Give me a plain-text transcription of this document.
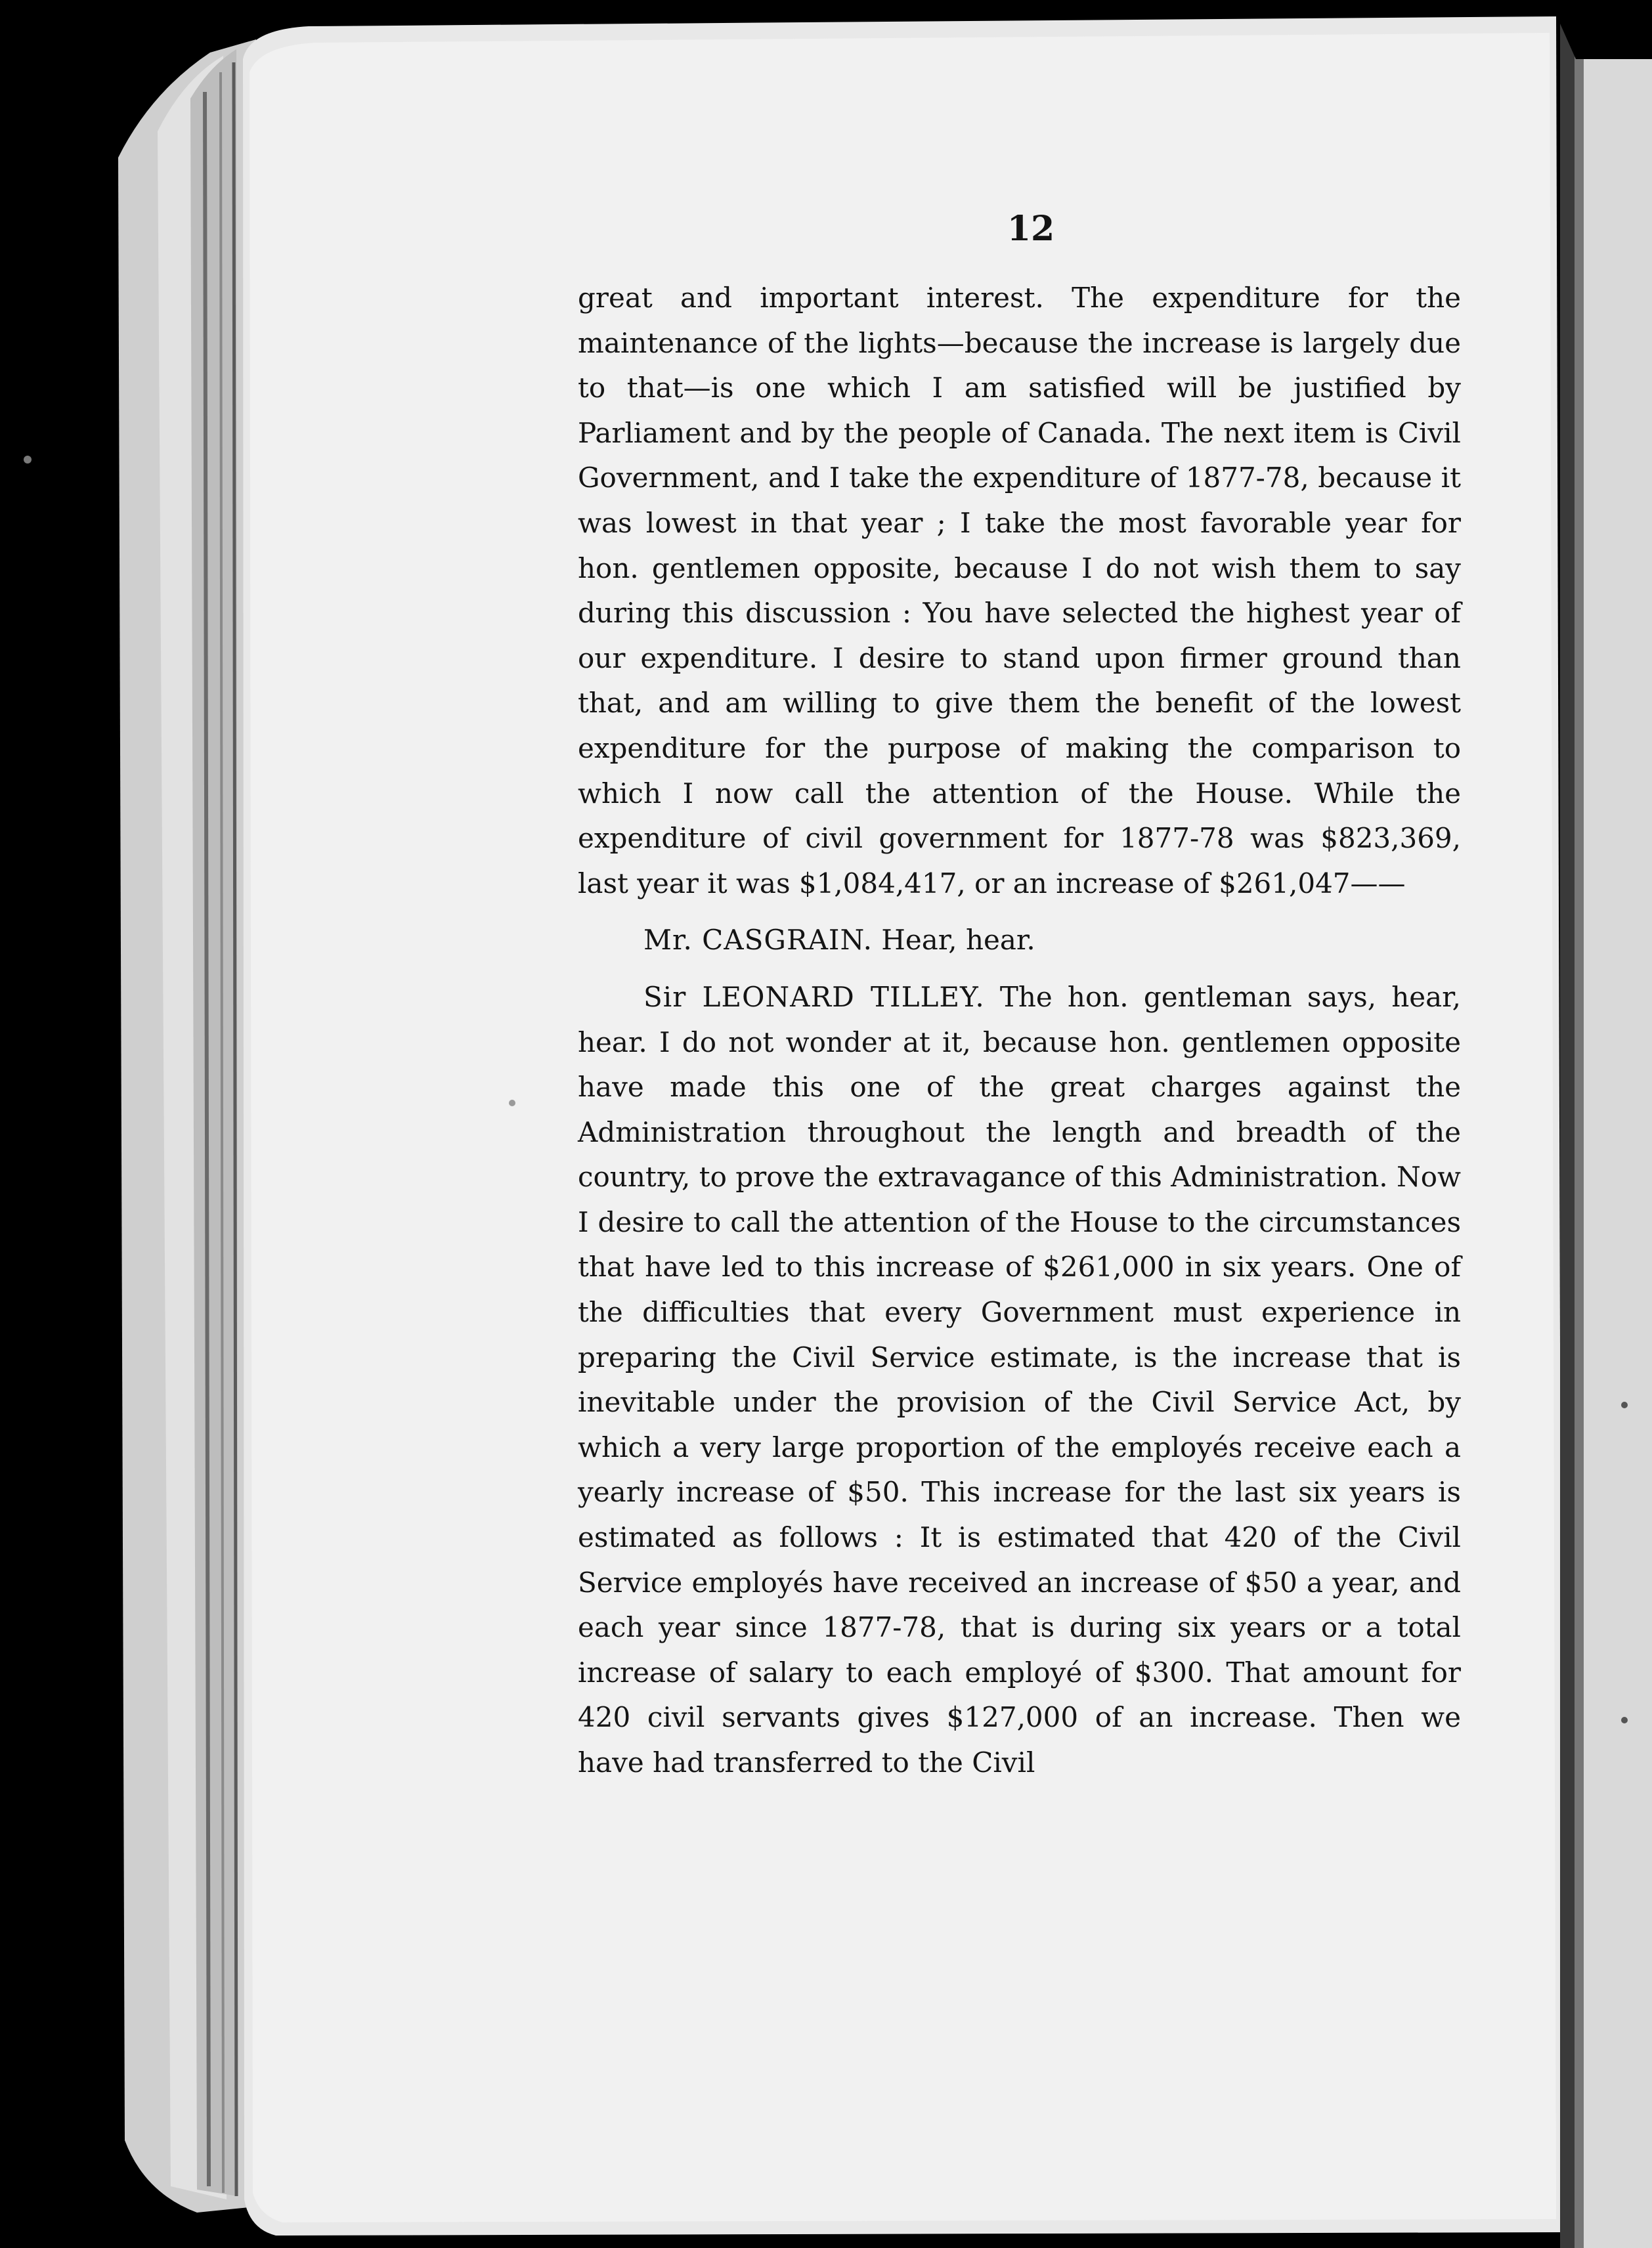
12

great and important interest. The expenditure for the maintenance of the lights—because the increase is largely due to that—is one which I am satisfied will be justified by Parliament and by the people of Canada. The next item is Civil Government, and I take the expenditure of 1877-78, because it was lowest in that year ; I take the most favorable year for hon. gentlemen opposite, because I do not wish them to say during this discussion : You have selected the highest year of our expenditure. I desire to stand upon firmer ground than that, and am willing to give them the benefit of the lowest expenditure for the purpose of making the comparison to which I now call the attention of the House. While the expenditure of civil government for 1877-78 was $823,369, last year it was $1,084,417, or an increase of $261,047——

Mr. CASGRAIN. Hear, hear.

Sir LEONARD TILLEY. The hon. gentleman says, hear, hear. I do not wonder at it, because hon. gentlemen opposite have made this one of the great charges against the Administration throughout the length and breadth of the country, to prove the extravagance of this Administration. Now I desire to call the attention of the House to the circumstances that have led to this increase of $261,000 in six years. One of the difficulties that every Government must experience in preparing the Civil Service estimate, is the increase that is inevitable under the provision of the Civil Service Act, by which a very large proportion of the employés receive each a yearly increase of $50. This increase for the last six years is estimated as follows : It is estimated that 420 of the Civil Service employés have received an increase of $50 a year, and each year since 1877-78, that is during six years or a total increase of salary to each employé of $300. That amount for 420 civil servants gives $127,000 of an increase. Then we have had transferred to the Civil
